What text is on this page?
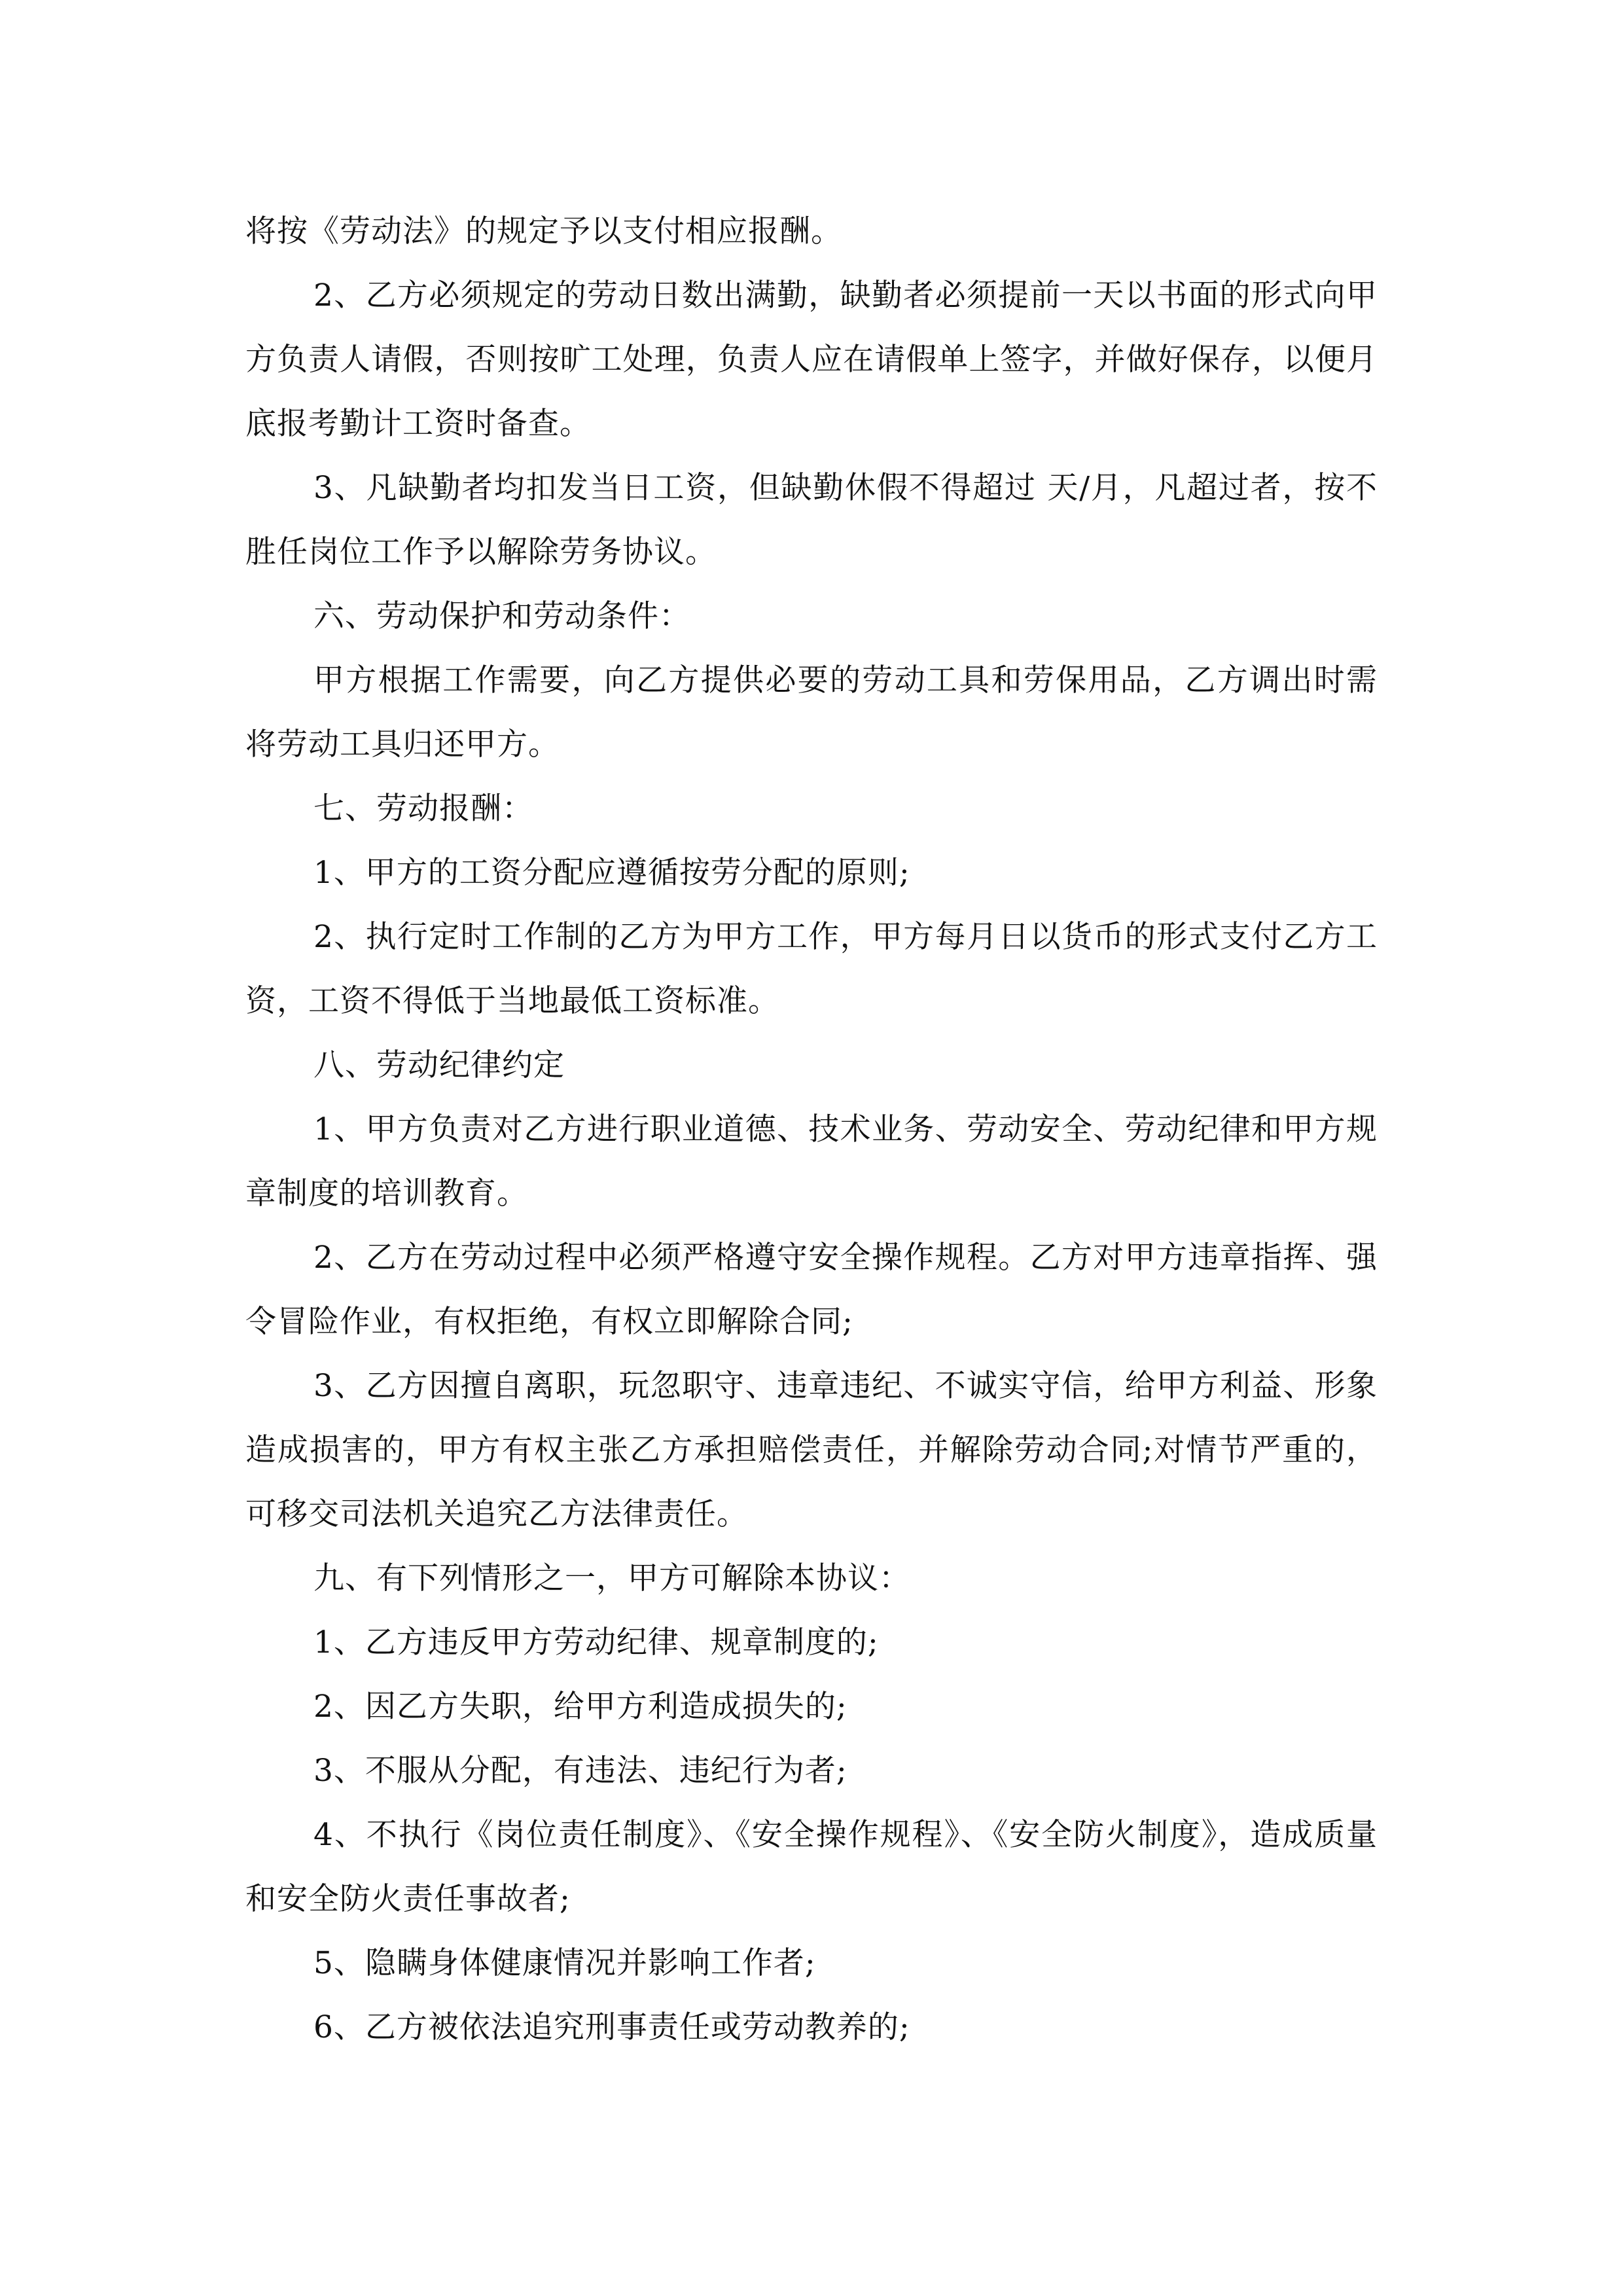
将按《劳动法》的规定予以支付相应报酬。

2、乙方必须规定的劳动日数出满勤，缺勤者必须提前一天以书面的形式向甲方负责人请假，否则按旷工处理，负责人应在请假单上签字，并做好保存，以便月底报考勤计工资时备查。

3、凡缺勤者均扣发当日工资，但缺勤休假不得超过 天/月，凡超过者，按不胜任岗位工作予以解除劳务协议。

六、劳动保护和劳动条件：

甲方根据工作需要，向乙方提供必要的劳动工具和劳保用品，乙方调出时需将劳动工具归还甲方。

七、劳动报酬：

1、甲方的工资分配应遵循按劳分配的原则;

2、执行定时工作制的乙方为甲方工作，甲方每月日以货币的形式支付乙方工资，工资不得低于当地最低工资标准。

八、劳动纪律约定

1、甲方负责对乙方进行职业道德、技术业务、劳动安全、劳动纪律和甲方规章制度的培训教育。

2、乙方在劳动过程中必须严格遵守安全操作规程。乙方对甲方违章指挥、强令冒险作业，有权拒绝，有权立即解除合同;

3、乙方因擅自离职，玩忽职守、违章违纪、不诚实守信，给甲方利益、形象造成损害的，甲方有权主张乙方承担赔偿责任，并解除劳动合同;对情节严重的，可移交司法机关追究乙方法律责任。

九、有下列情形之一，甲方可解除本协议：

1、乙方违反甲方劳动纪律、规章制度的;

2、因乙方失职，给甲方利造成损失的;

3、不服从分配，有违法、违纪行为者;

4、不执行《岗位责任制度》、《安全操作规程》、《安全防火制度》，造成质量和安全防火责任事故者;

5、隐瞒身体健康情况并影响工作者;

6、乙方被依法追究刑事责任或劳动教养的;
